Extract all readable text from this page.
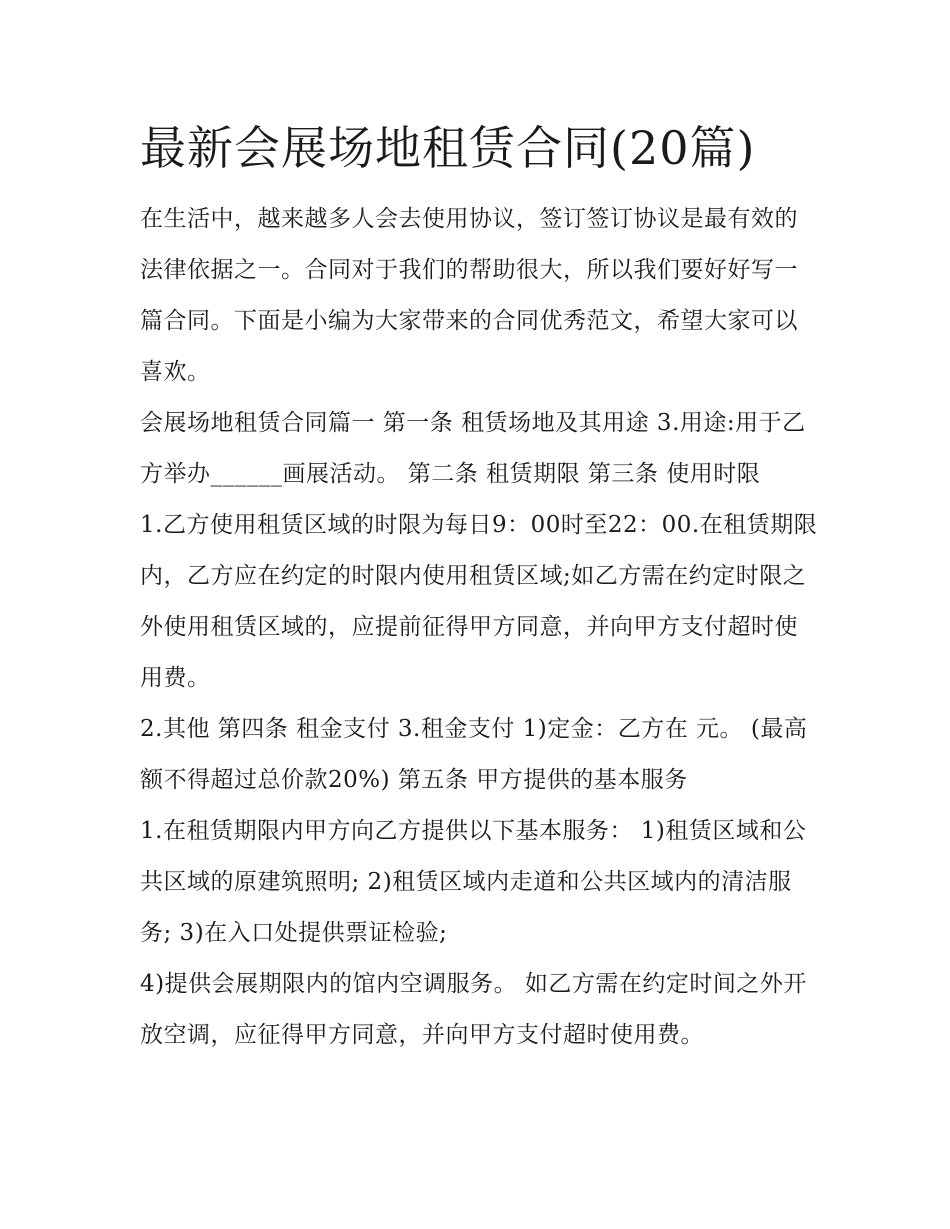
最新会展场地租赁合同(20篇)

在生活中，越来越多人会去使用协议，签订签订协议是最有效的法律依据之一。合同对于我们的帮助很大，所以我们要好好写一篇合同。下面是小编为大家带来的合同优秀范文，希望大家可以喜欢。

会展场地租赁合同篇一 第一条 租赁场地及其用途 3.用途:用于乙方举办______画展活动。 第二条 租赁期限 第三条 使用时限

1.乙方使用租赁区域的时限为每日9：00时至22：00.在租赁期限内，乙方应在约定的时限内使用租赁区域;如乙方需在约定时限之外使用租赁区域的，应提前征得甲方同意，并向甲方支付超时使用费。

2.其他 第四条 租金支付 3.租金支付 1)定金：乙方在 元。 (最高额不得超过总价款20%) 第五条 甲方提供的基本服务

1.在租赁期限内甲方向乙方提供以下基本服务： 1)租赁区域和公共区域的原建筑照明; 2)租赁区域内走道和公共区域内的清洁服务; 3)在入口处提供票证检验;

4)提供会展期限内的馆内空调服务。 如乙方需在约定时间之外开放空调，应征得甲方同意，并向甲方支付超时使用费。
